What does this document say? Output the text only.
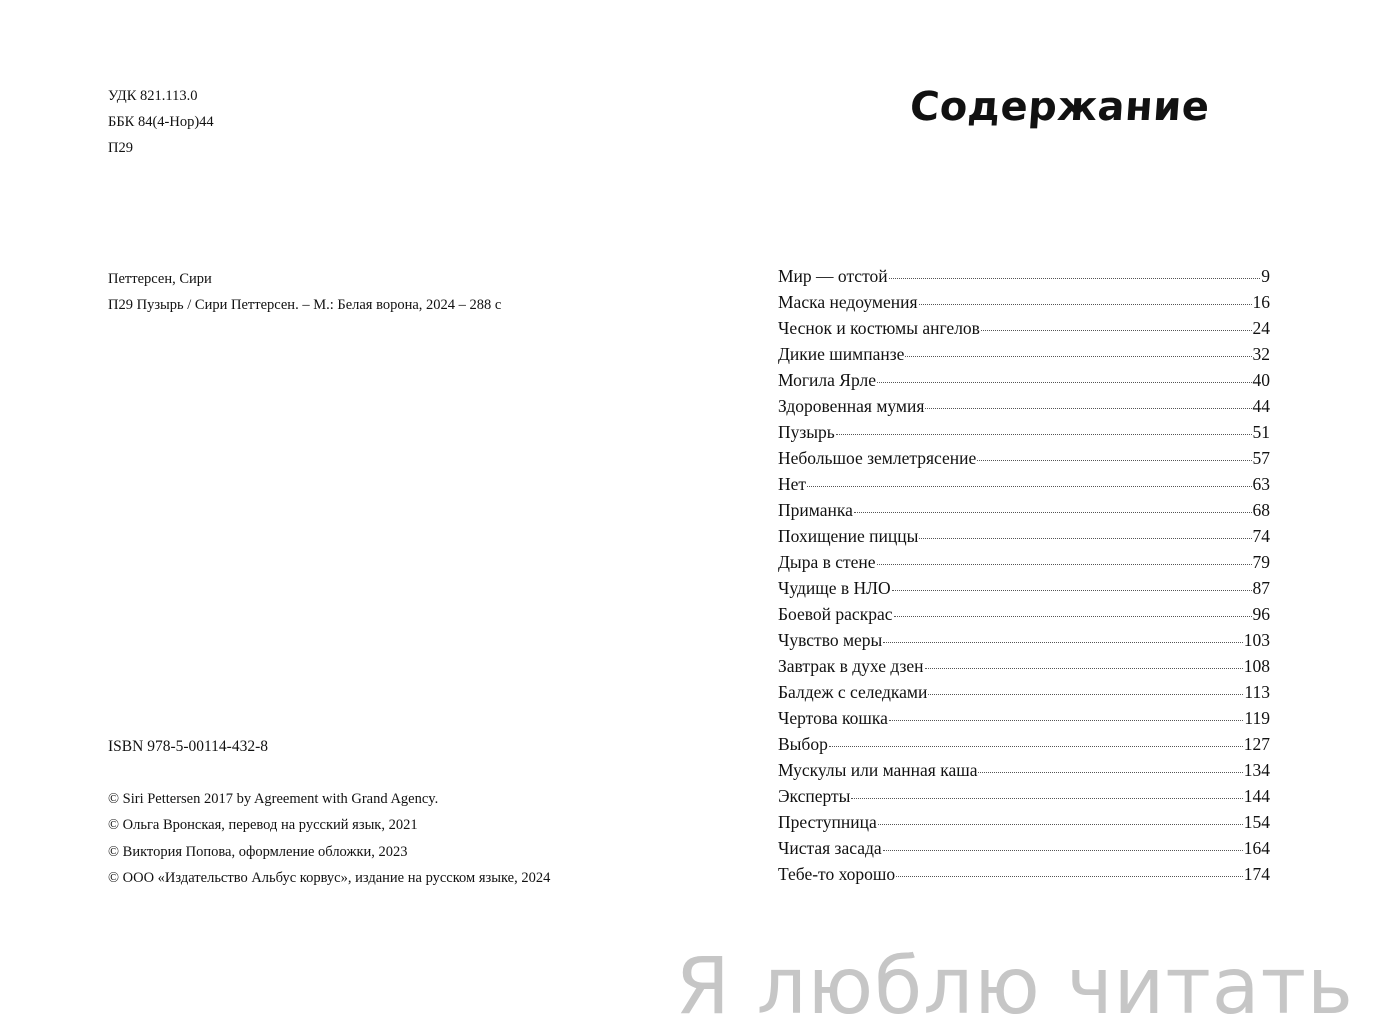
УДК 821.113.0
ББК 84(4-Нор)44
П29
Петтерсен, Сири
П29 Пузырь / Сири Петтерсен. – М.: Белая ворона, 2024 – 288 с
ISBN 978-5-00114-432-8
© Siri Pettersen 2017 by Agreement with Grand Agency.
© Ольга Вронская, перевод на русский язык, 2021
© Виктория Попова, оформление обложки, 2023
© ООО «Издательство Альбус корвус», издание на русском языке, 2024
Содержание
Мир — отстой	9
Маска недоумения	16
Чеснок и костюмы ангелов	24
Дикие шимпанзе	32
Могила Ярле	40
Здоровенная мумия	44
Пузырь	51
Небольшое землетрясение	57
Нет	63
Приманка	68
Похищение пиццы	74
Дыра в стене	79
Чудище в НЛО	87
Боевой раскрас	96
Чувство меры	103
Завтрак в духе дзен	108
Балдеж с селедками	113
Чертова кошка	119
Выбор	127
Мускулы или манная каша	134
Эксперты	144
Преступница	154
Чистая засада	164
Тебе-то хорошо	174
Я люблю читать
